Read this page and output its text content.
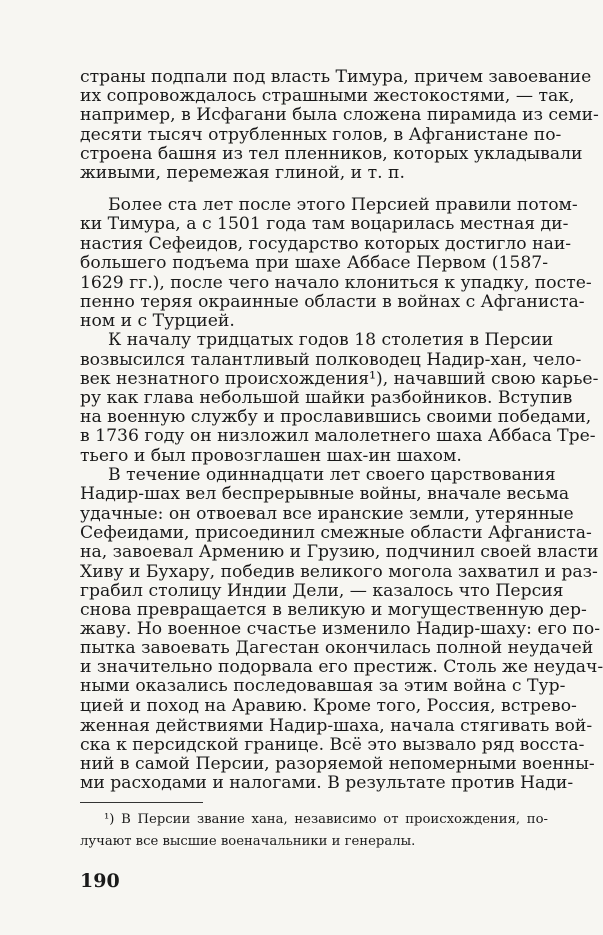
страны подпали под власть Тимура, причем завоевание
их сопровождалось страшными жестокостями, — так,
например, в Исфагани была сложена пирамида из семи-
десяти тысяч отрубленных голов, в Афганистане по-
строена башня из тел пленников, которых укладывали
живыми, перемежая глиной, и т. п.
Более ста лет после этого Персией правили потом-
ки Тимура, а с 1501 года там воцарилась местная ди-
настия Сефеидов, государство которых достигло наи-
большего подъема при шахе Аббасе Первом (1587-
1629 гг.), после чего начало клониться к упадку, посте-
пенно теряя окраинные области в войнах с Афганиста-
ном и с Турцией.
К началу тридцатых годов 18 столетия в Персии
возвысился талантливый полководец Надир-хан, чело-
век незнатного происхождения¹), начавший свою карье-
ру как глава небольшой шайки разбойников. Вступив
на военную службу и прославившись своими победами,
в 1736 году он низложил малолетнего шаха Аббаса Тре-
тьего и был провозглашен шах-ин шахом.
В течение одиннадцати лет своего царствования
Надир-шах вел беспрерывные войны, вначале весьма
удачные: он отвоевал все иранские земли, утерянные
Сефеидами, присоединил смежные области Афганиста-
на, завоевал Армению и Грузию, подчинил своей власти
Хиву и Бухару, победив великого могола захватил и раз-
грабил столицу Индии Дели, — казалось что Персия
снова превращается в великую и могущественную дер-
жаву. Но военное счастье изменило Надир-шаху: его по-
пытка завоевать Дагестан окончилась полной неудачей
и значительно подорвала его престиж. Столь же неудач-
ными оказались последовавшая за этим война с Тур-
цией и поход на Аравию. Кроме того, Россия, встрево-
женная действиями Надир-шаха, начала стягивать вой-
ска к персидской границе. Всё это вызвало ряд восста-
ний в самой Персии, разоряемой непомерными военны-
ми расходами и налогами. В результате против Нади-
¹) В Персии звание хана, независимо от происхождения, по-
лучают все высшие военачальники и генералы.
190
